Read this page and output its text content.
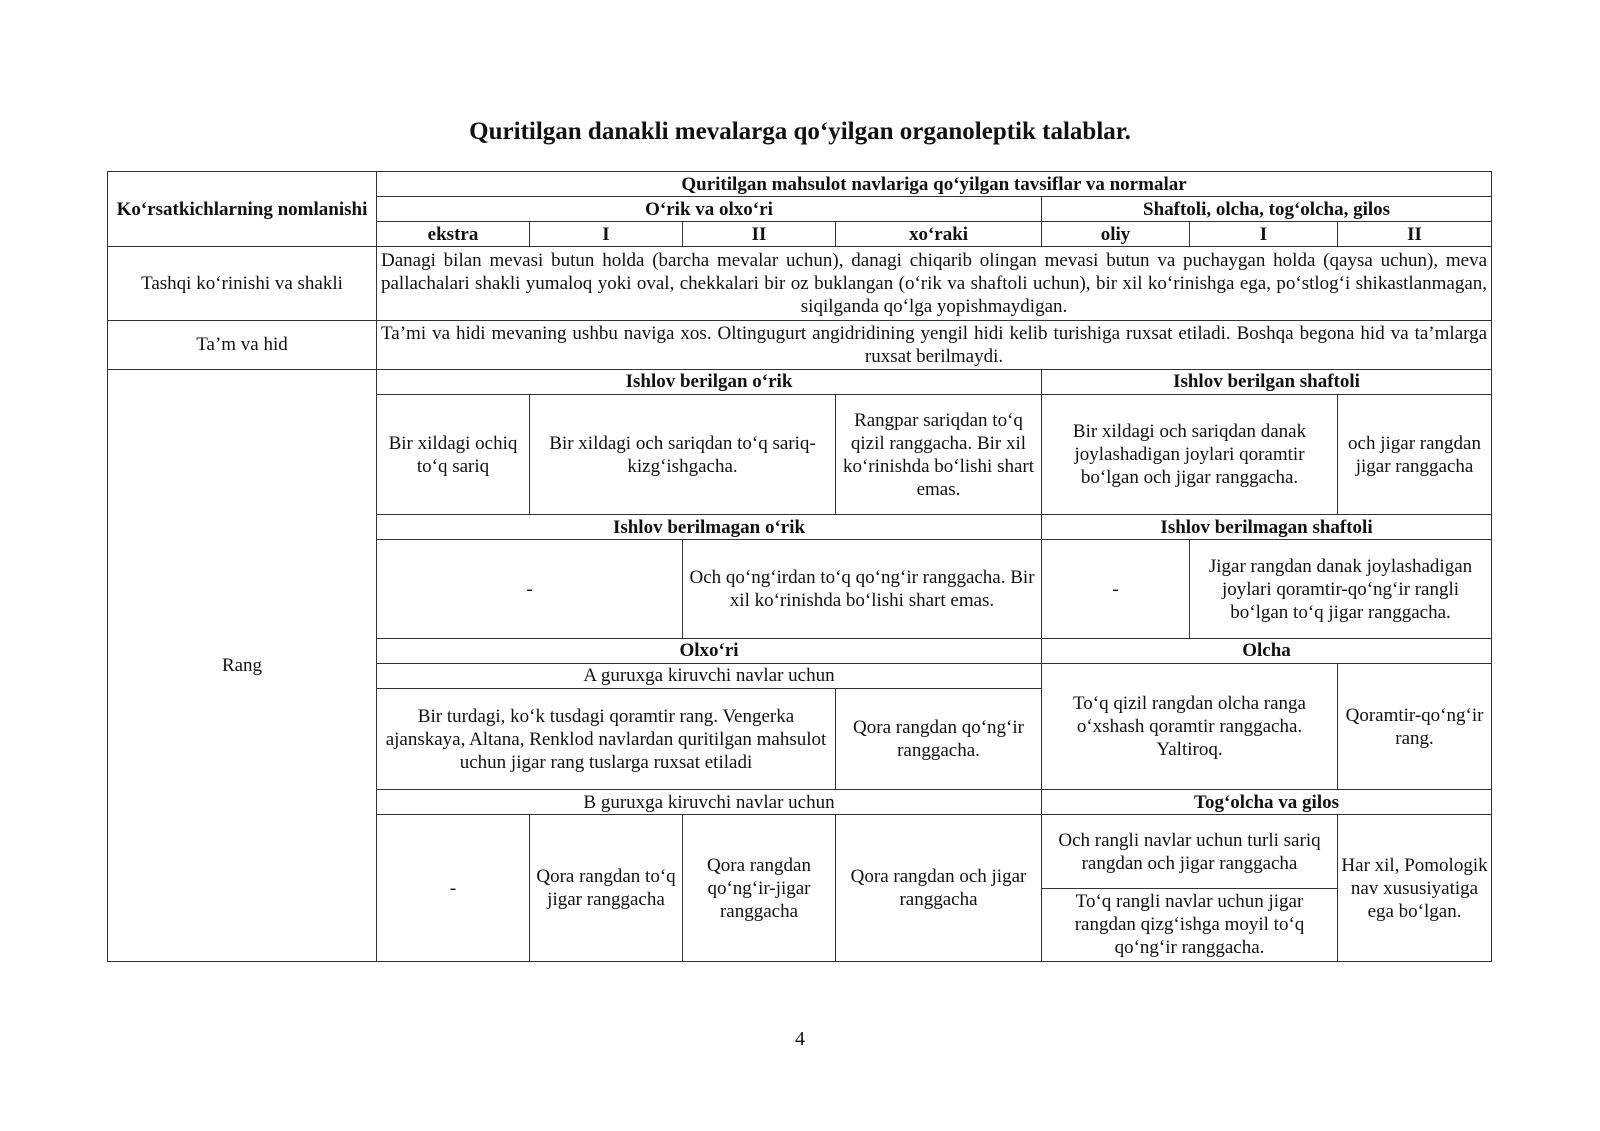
Quritilgan danakli mevalarga qo‘yilgan organoleptik talablar.
Ko‘rsatkichlarning nomlanishi	Quritilgan mahsulot navlariga qo‘yilgan tavsiflar va normalar						
	O‘rik va olxo‘ri				Shaftoli, olcha, tog‘olcha, gilos		
	ekstra	I	II	xo‘raki	oliy	I	II
Tashqi ko‘rinishi va shakli	Danagi bilan mevasi butun holda (barcha mevalar uchun), danagi chiqarib olingan mevasi butun va puchaygan holda (qaysa uchun), meva pallachalari shakli yumaloq yoki oval, chekkalari bir oz buklangan (o‘rik va shaftoli uchun), bir xil ko‘rinishga ega, po‘stlog‘i shikastlanmagan, siqilganda qo‘lga yopishmaydigan.						
Ta’m va hid	Ta’mi va hidi mevaning ushbu naviga xos. Oltingugurt angidridining yengil hidi kelib turishiga ruxsat etiladi. Boshqa begona hid va ta’mlarga ruxsat berilmaydi.						
Rang	Ishlov berilgan o‘rik				Ishlov berilgan shaftoli		
	Bir xildagi ochiq to‘q sariq	Bir xildagi och sariqdan to‘q sariq-kizg‘ishgacha.		Rangpar sariqdan to‘q qizil ranggacha. Bir xil ko‘rinishda bo‘lishi shart emas.	Bir xildagi och sariqdan danak joylashadigan joylari qoramtir bo‘lgan och jigar ranggacha.		och jigar rangdan jigar ranggacha
	Ishlov berilmagan o‘rik				Ishlov berilmagan shaftoli		
	-		Och qo‘ng‘irdan to‘q qo‘ng‘ir ranggacha. Bir xil ko‘rinishda bo‘lishi shart emas.		-	Jigar rangdan danak joylashadigan joylari qoramtir-qo‘ng‘ir rangli bo‘lgan to‘q jigar ranggacha.	
	Olxo‘ri				Olcha		
	A guruxga kiruvchi navlar uchun				To‘q qizil rangdan olcha ranga o‘xshash qoramtir ranggacha. Yaltiroq.		Qoramtir-qo‘ng‘ir rang.
	Bir turdagi, ko‘k tusdagi qoramtir rang. Vengerka ajanskaya, Altana, Renklod navlardan quritilgan mahsulot uchun jigar rang tuslarga ruxsat etiladi			Qora rangdan qo‘ng‘ir ranggacha.			
	B guruxga kiruvchi navlar uchun				Tog‘olcha va gilos		
	-	Qora rangdan to‘q jigar ranggacha	Qora rangdan qo‘ng‘ir-jigar ranggacha	Qora rangdan och jigar ranggacha	Och rangli navlar uchun turli sariq rangdan och jigar ranggacha		Har xil, Pomologik nav xususiyatiga ega bo‘lgan.
					To‘q rangli navlar uchun jigar rangdan qizg‘ishga moyil to‘q qo‘ng‘ir ranggacha.		
4
